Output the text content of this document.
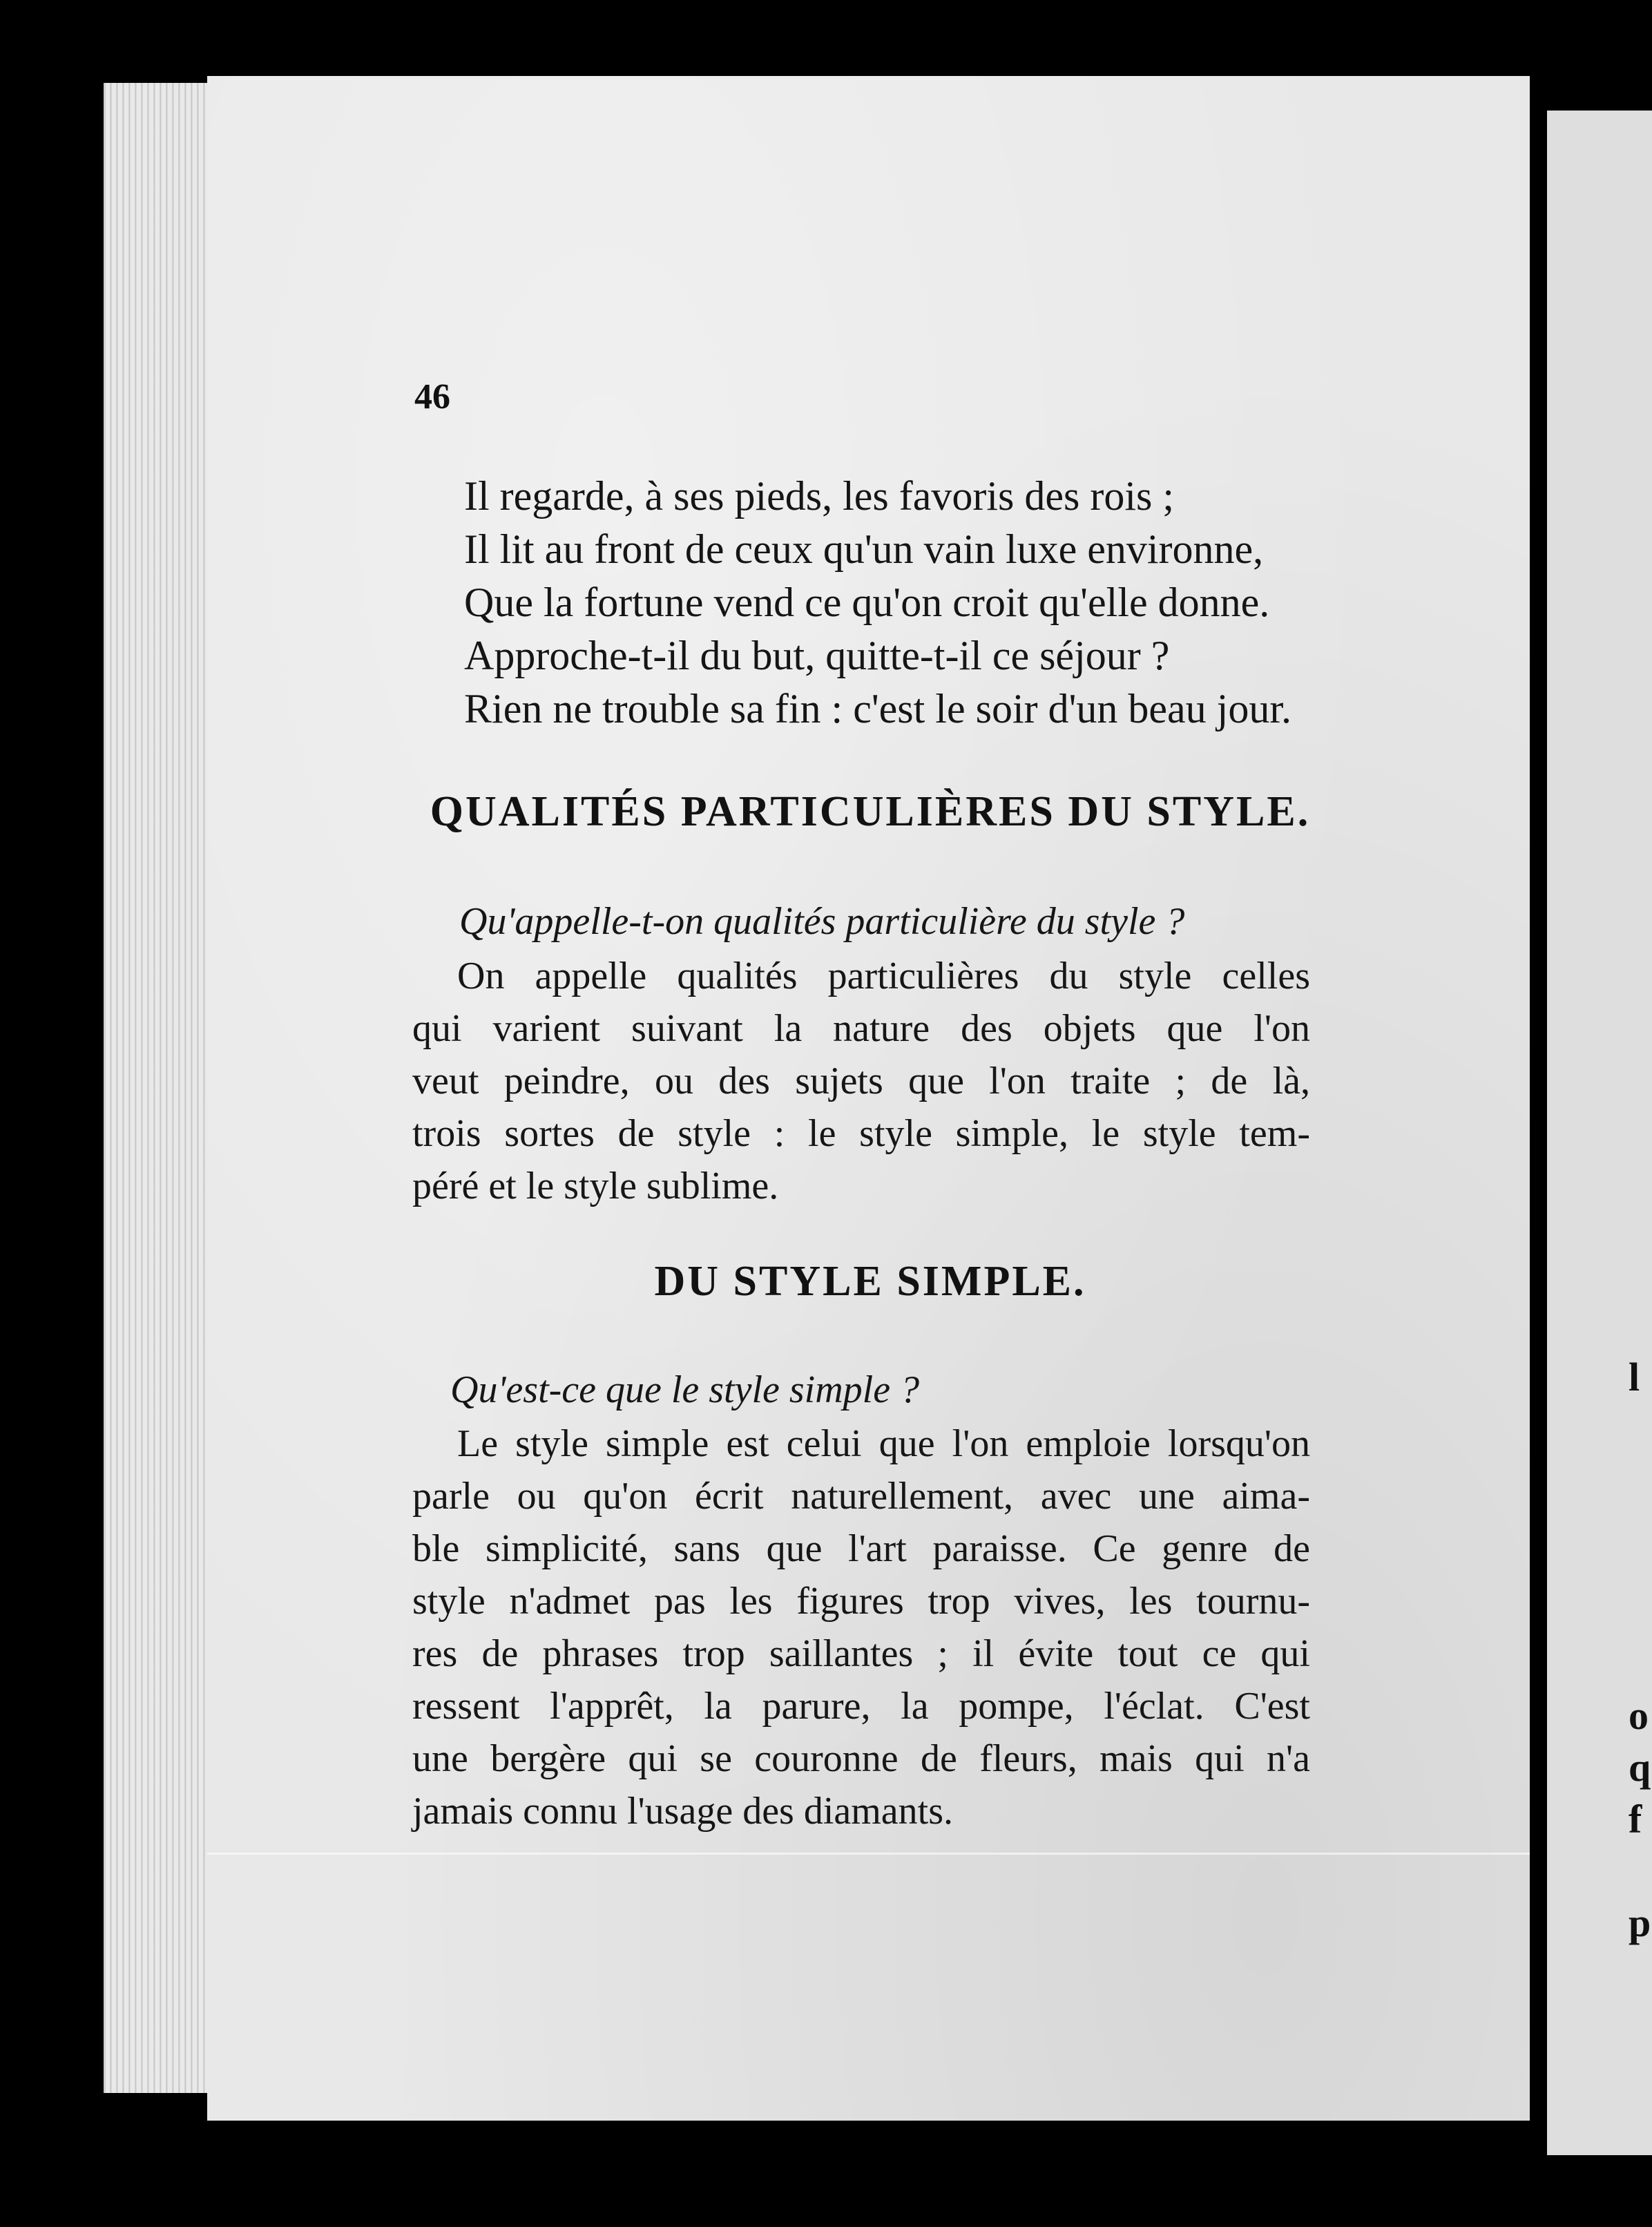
l
o
q
f
p
46
Il regarde, à ses pieds, les favoris des rois ;
Il lit au front de ceux qu'un vain luxe environne,
Que la fortune vend ce qu'on croit qu'elle donne.
Approche-t-il du but, quitte-t-il ce séjour ?
Rien ne trouble sa fin : c'est le soir d'un beau jour.
QUALITÉS PARTICULIÈRES DU STYLE.
Qu'appelle-t-on qualités particulière du style ?
On appelle qualités particulières du style celles
qui varient suivant la nature des objets que l'on
veut peindre, ou des sujets que l'on traite ; de là,
trois sortes de style : le style simple, le style tem-
péré et le style sublime.
DU STYLE SIMPLE.
Qu'est-ce que le style simple ?
Le style simple est celui que l'on emploie lorsqu'on
parle ou qu'on écrit naturellement, avec une aima-
ble simplicité, sans que l'art paraisse. Ce genre de
style n'admet pas les figures trop vives, les tournu-
res de phrases trop saillantes ; il évite tout ce qui
ressent l'apprêt, la parure, la pompe, l'éclat. C'est
une bergère qui se couronne de fleurs, mais qui n'a
jamais connu l'usage des diamants.
